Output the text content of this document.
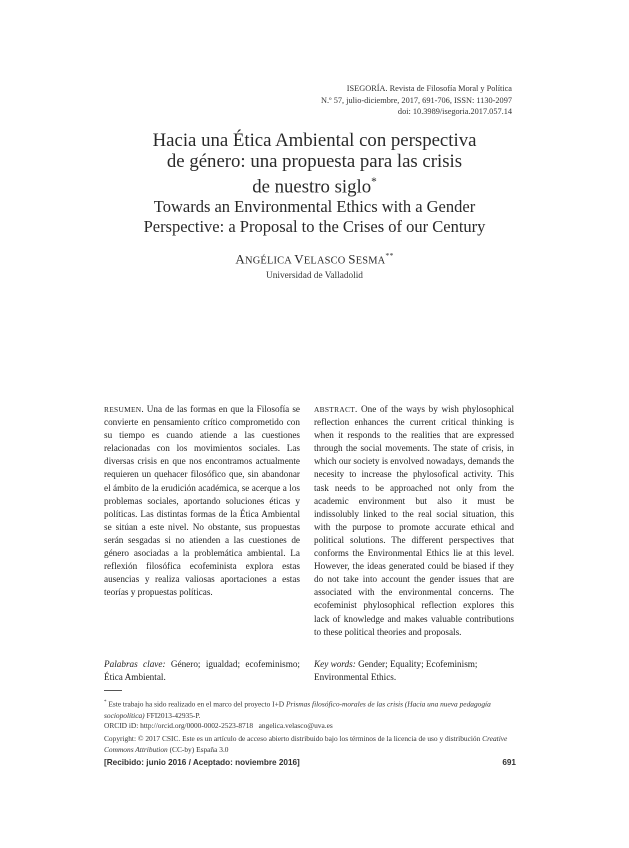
ISEGORÍA. Revista de Filosofía Moral y Política
N.º 57, julio-diciembre, 2017, 691-706, ISSN: 1130-2097
doi: 10.3989/isegoria.2017.057.14
Hacia una Ética Ambiental con perspectiva
de género: una propuesta para las crisis
de nuestro siglo*
Towards an Environmental Ethics with a Gender
Perspective: a Proposal to the Crises of our Century
ANGÉLICA VELASCO SESMA**
Universidad de Valladolid
RESUMEN. Una de las formas en que la Filosofía se convierte en pensamiento crítico comprometido con su tiempo es cuando atiende a las cuestiones relacionadas con los movimientos sociales. Las diversas crisis en que nos encontramos actualmente requieren un quehacer filosófico que, sin abandonar el ámbito de la erudición académica, se acerque a los problemas sociales, aportando soluciones éticas y políticas. Las distintas formas de la Ética Ambiental se sitúan a este nivel. No obstante, sus propuestas serán sesgadas si no atienden a las cuestiones de género asociadas a la problemática ambiental. La reflexión filosófica ecofeminista explora estas ausencias y realiza valiosas aportaciones a estas teorías y propuestas políticas.
ABSTRACT. One of the ways by wish phylosophical reflection enhances the current critical thinking is when it responds to the realities that are expressed through the social movements. The state of crisis, in which our society is envolved nowadays, demands the necesity to increase the phylosofical activity. This task needs to be approached not only from the academic environment but also it must be indissolubly linked to the real social situation, this with the purpose to promote accurate ethical and political solutions. The different perspectives that conforms the Environmental Ethics lie at this level. However, the ideas generated could be biased if they do not take into account the gender issues that are associated with the environmental concerns. The ecofeminist phylosophical reflection explores this lack of knowledge and makes valuable contributions to these political theories and proposals.
Palabras clave: Género; igualdad; ecofeminismo; Ética Ambiental.
Key words: Gender; Equality; Ecofeminism; Environmental Ethics.
* Este trabajo ha sido realizado en el marco del proyecto I+D Prismas filosófico-morales de las crisis (Hacia una nueva pedagogía sociopolítica) FFI2013-42935-P.
ORCID iD: http://orcid.org/0000-0002-2523-8718 angelica.velasco@uva.es
Copyright: © 2017 CSIC. Este es un artículo de acceso abierto distribuido bajo los términos de la licencia de uso y distribución Creative Commons Attribution (CC-by) España 3.0
[Recibido: junio 2016 / Aceptado: noviembre 2016]	691
